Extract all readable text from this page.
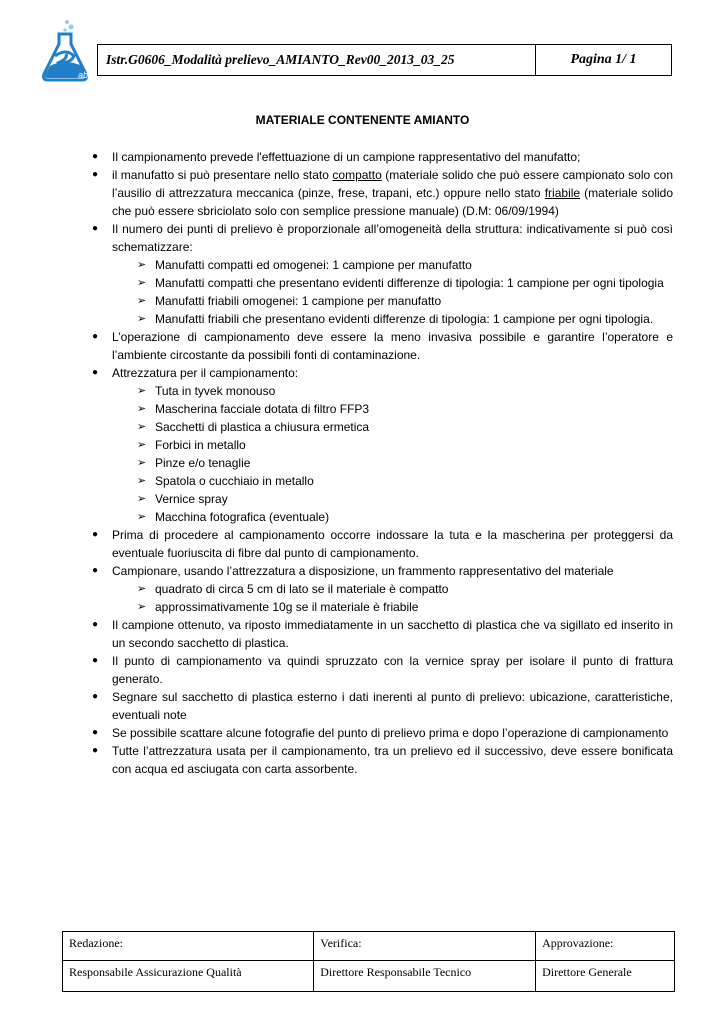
ab
Istr.G0606_Modalità prelievo_AMIANTO_Rev00_2013_03_25	Pagina 1/ 1
MATERIALE CONTENENTE AMIANTO
● Il campionamento prevede l'effettuazione di un campione rappresentativo del manufatto;
● il manufatto si può presentare nello stato compatto (materiale solido che può essere campionato solo con l’ausilio di attrezzatura meccanica (pinze, frese, trapani, etc.) oppure nello stato friabile (materiale solido che può essere sbriciolato solo con semplice pressione manuale) (D.M: 06/09/1994)
● Il numero dei punti di prelievo è proporzionale all’omogeneità della struttura: indicativamente si può così schematizzare:
➢ Manufatti compatti ed omogenei: 1 campione per manufatto
➢ Manufatti compatti che presentano evidenti differenze di tipologia: 1 campione per ogni tipologia
➢ Manufatti friabili omogenei: 1 campione per manufatto
➢ Manufatti friabili che presentano evidenti differenze di tipologia: 1 campione per ogni tipologia.
● L’operazione di campionamento deve essere la meno invasiva possibile e garantire l’operatore e l’ambiente circostante da possibili fonti di contaminazione.
● Attrezzatura per il campionamento:
➢ Tuta in tyvek monouso
➢ Mascherina facciale dotata di filtro FFP3
➢ Sacchetti di plastica a chiusura ermetica
➢ Forbici in metallo
➢ Pinze e/o tenaglie
➢ Spatola o cucchiaio in metallo
➢ Vernice spray
➢ Macchina fotografica (eventuale)
● Prima di procedere al campionamento occorre indossare la tuta e la mascherina per proteggersi da eventuale fuoriuscita di fibre dal punto di campionamento.
● Campionare, usando l’attrezzatura a disposizione, un frammento rappresentativo del materiale
➢ quadrato di circa 5 cm di lato se il materiale è compatto
➢ approssimativamente 10g se il materiale è friabile
● Il campione ottenuto, va riposto immediatamente in un sacchetto di plastica che va sigillato ed inserito in un secondo sacchetto di plastica.
● Il punto di campionamento va quindi spruzzato con la vernice spray per isolare il punto di frattura generato.
● Segnare sul sacchetto di plastica esterno i dati inerenti al punto di prelievo: ubicazione, caratteristiche, eventuali note
● Se possibile scattare alcune fotografie del punto di prelievo prima e dopo l’operazione di campionamento
● Tutte l’attrezzatura usata per il campionamento, tra un prelievo ed il successivo, deve essere bonificata con acqua ed asciugata con carta assorbente.
Redazione:	Verifica:	Approvazione:
Responsabile Assicurazione Qualità	Direttore Responsabile Tecnico	Direttore Generale
